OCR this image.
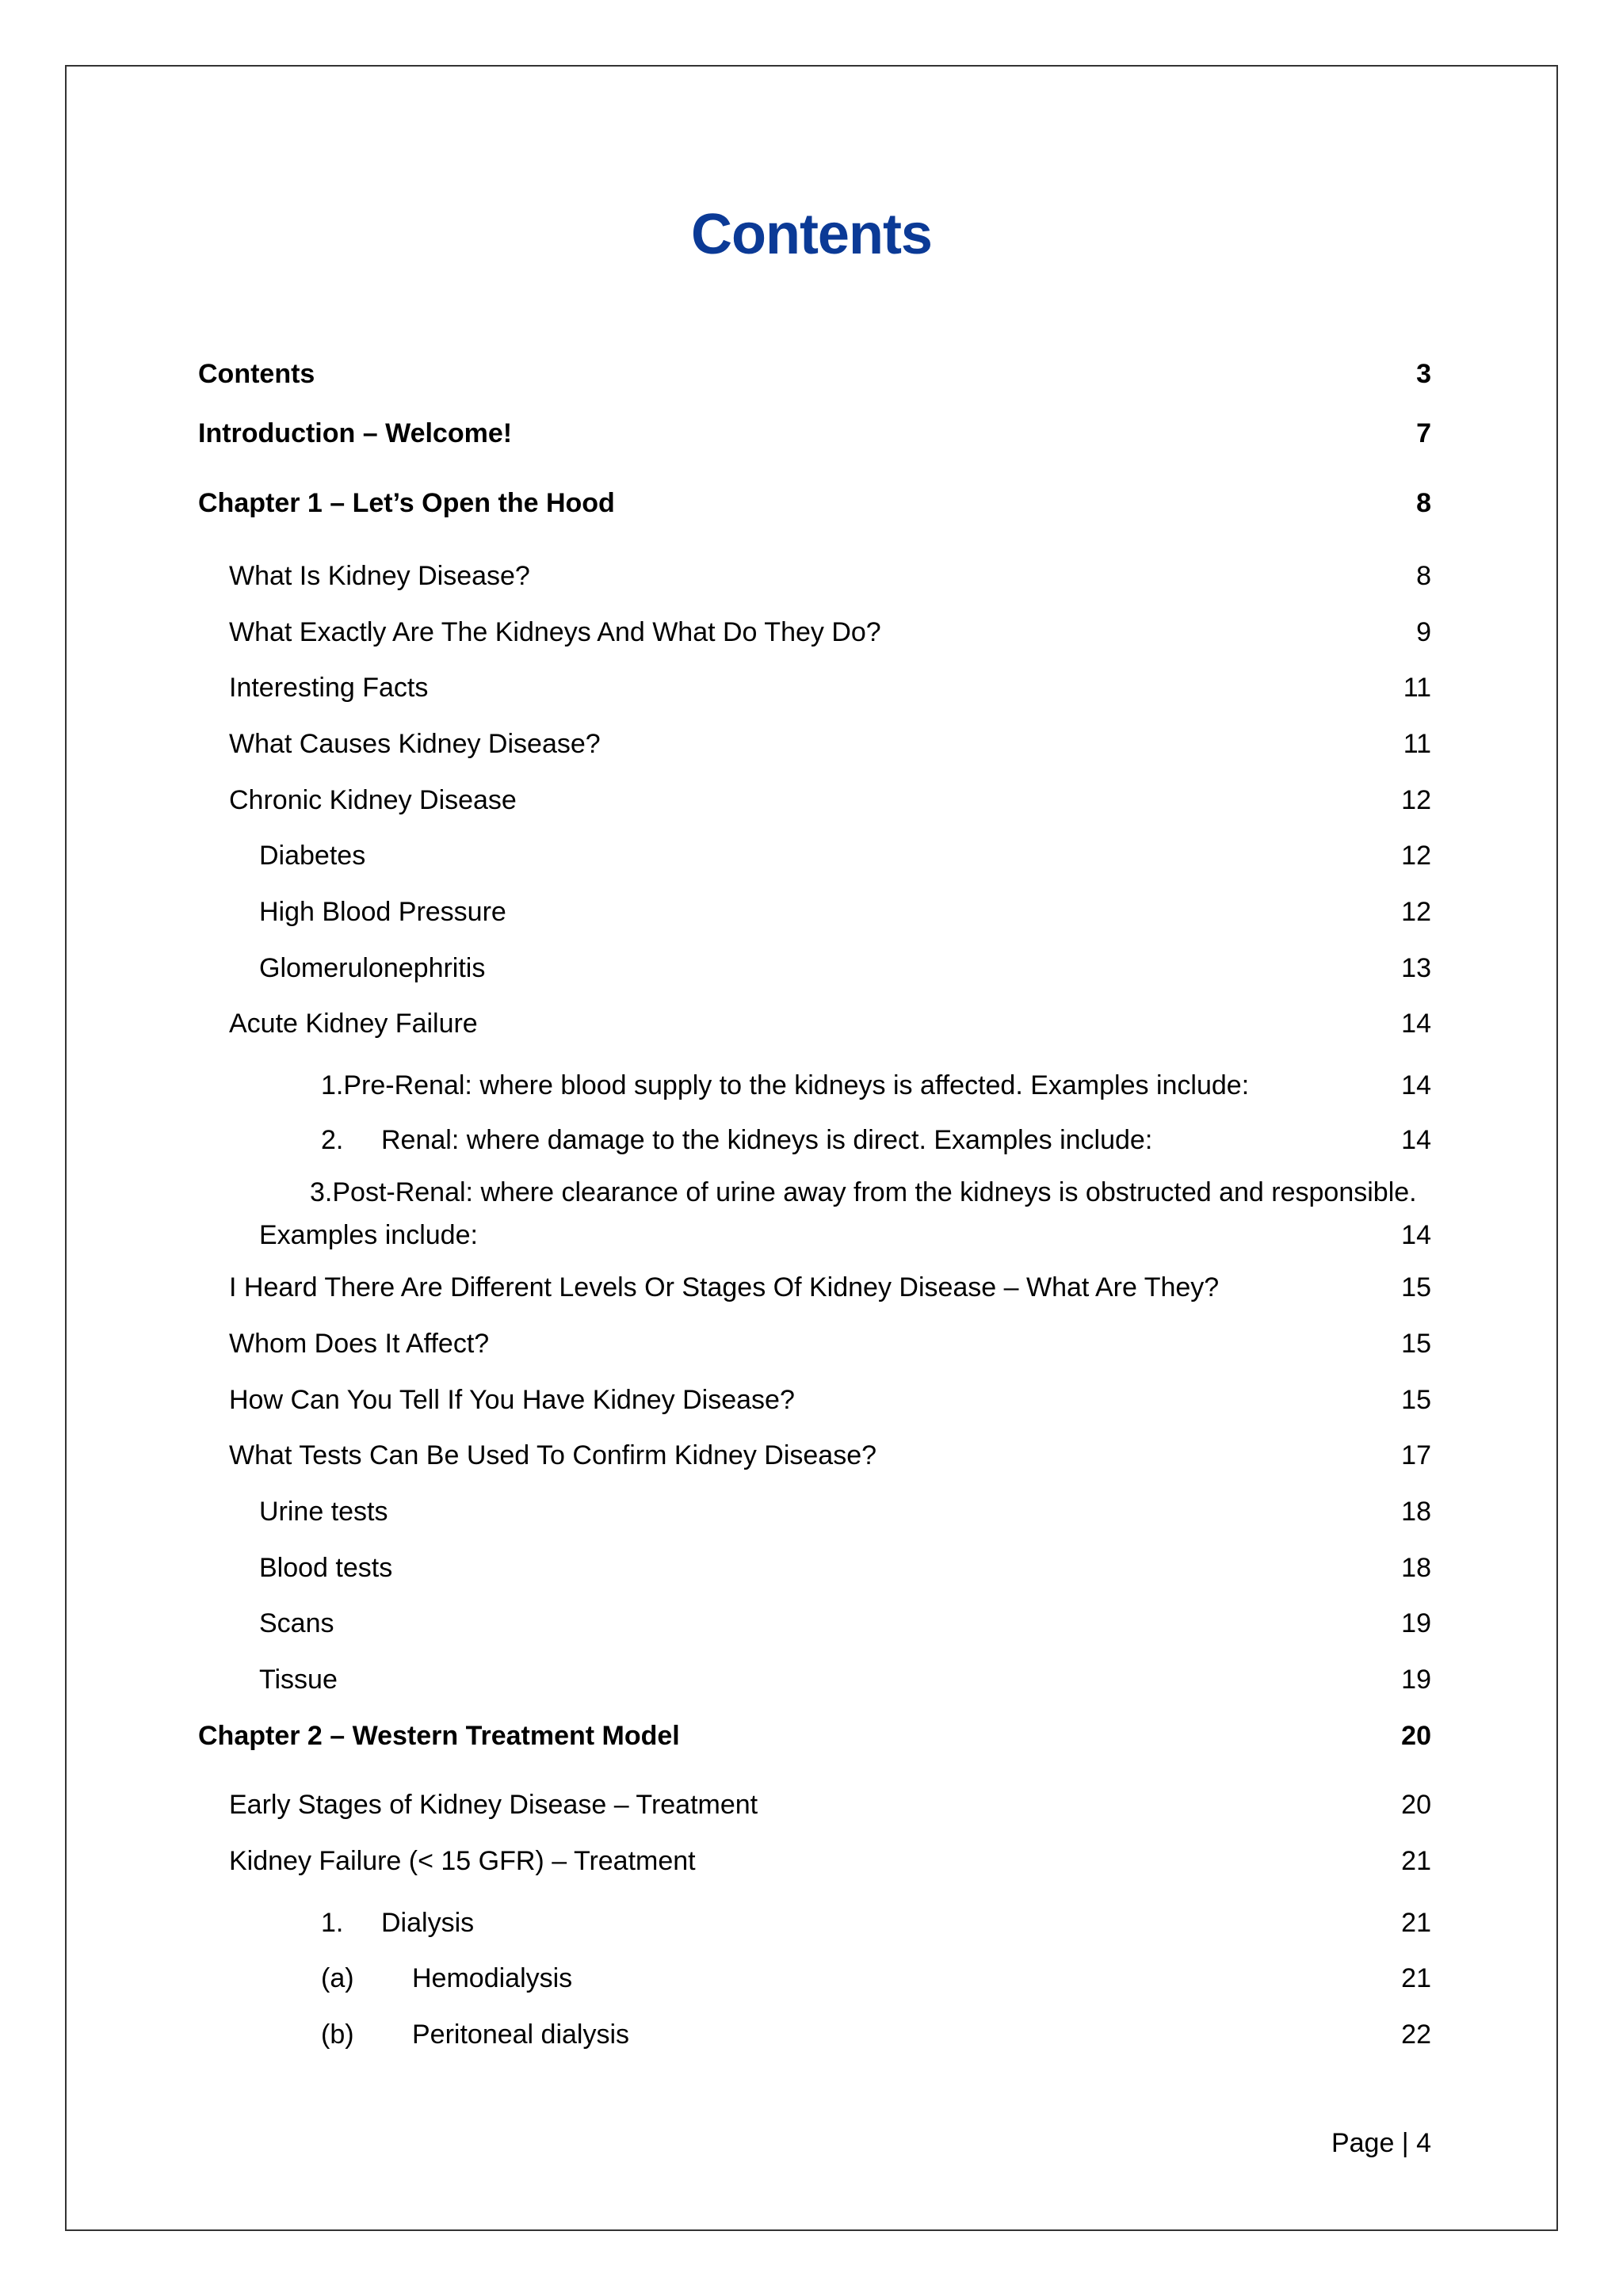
Contents
Contents	3
Introduction – Welcome!	7
Chapter 1 – Let’s Open the Hood	8
What Is Kidney Disease?	8
What Exactly Are The Kidneys And What Do They Do?	9
Interesting Facts	11
What Causes Kidney Disease?	11
Chronic Kidney Disease	12
Diabetes	12
High Blood Pressure	12
Glomerulonephritis	13
Acute Kidney Failure	14
1.Pre-Renal: where blood supply to the kidneys is affected. Examples include:	14
2. Renal: where damage to the kidneys is direct. Examples include:	14
3.Post-Renal: where clearance of urine away from the kidneys is obstructed and responsible.
Examples include:	14
I Heard There Are Different Levels Or Stages Of Kidney Disease – What Are They?	15
Whom Does It Affect?	15
How Can You Tell If You Have Kidney Disease?	15
What Tests Can Be Used To Confirm Kidney Disease?	17
Urine tests	18
Blood tests	18
Scans	19
Tissue	19
Chapter 2 – Western Treatment Model	20
Early Stages of Kidney Disease – Treatment	20
Kidney Failure (< 15 GFR) – Treatment	21
1. Dialysis	21
(a) Hemodialysis	21
(b) Peritoneal dialysis	22
Page | 4
